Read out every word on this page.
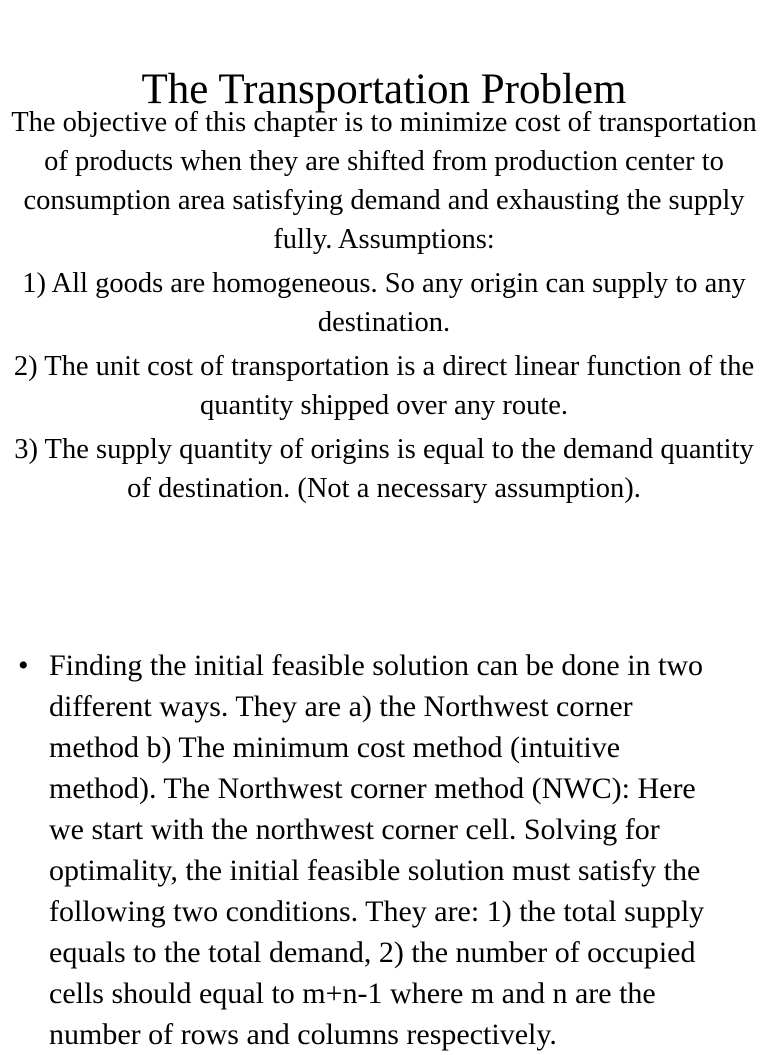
The Transportation Problem

The objective of this chapter is to minimize cost of transportation of products when they are shifted from production center to consumption area satisfying demand and exhausting the supply fully. Assumptions:

1) All goods are homogeneous. So any origin can supply to any destination.

2) The unit cost of transportation is a direct linear function of the quantity shipped over any route.

3) The supply quantity of origins is equal to the demand quantity of destination. (Not a necessary assumption).

• Finding the initial feasible solution can be done in two different ways. They are a) the Northwest corner method b) The minimum cost method (intuitive method). The Northwest corner method (NWC): Here we start with the northwest corner cell. Solving for optimality, the initial feasible solution must satisfy the following two conditions. They are: 1) the total supply equals to the total demand, 2) the number of occupied cells should equal to m+n-1 where m and n are the number of rows and columns respectively.
